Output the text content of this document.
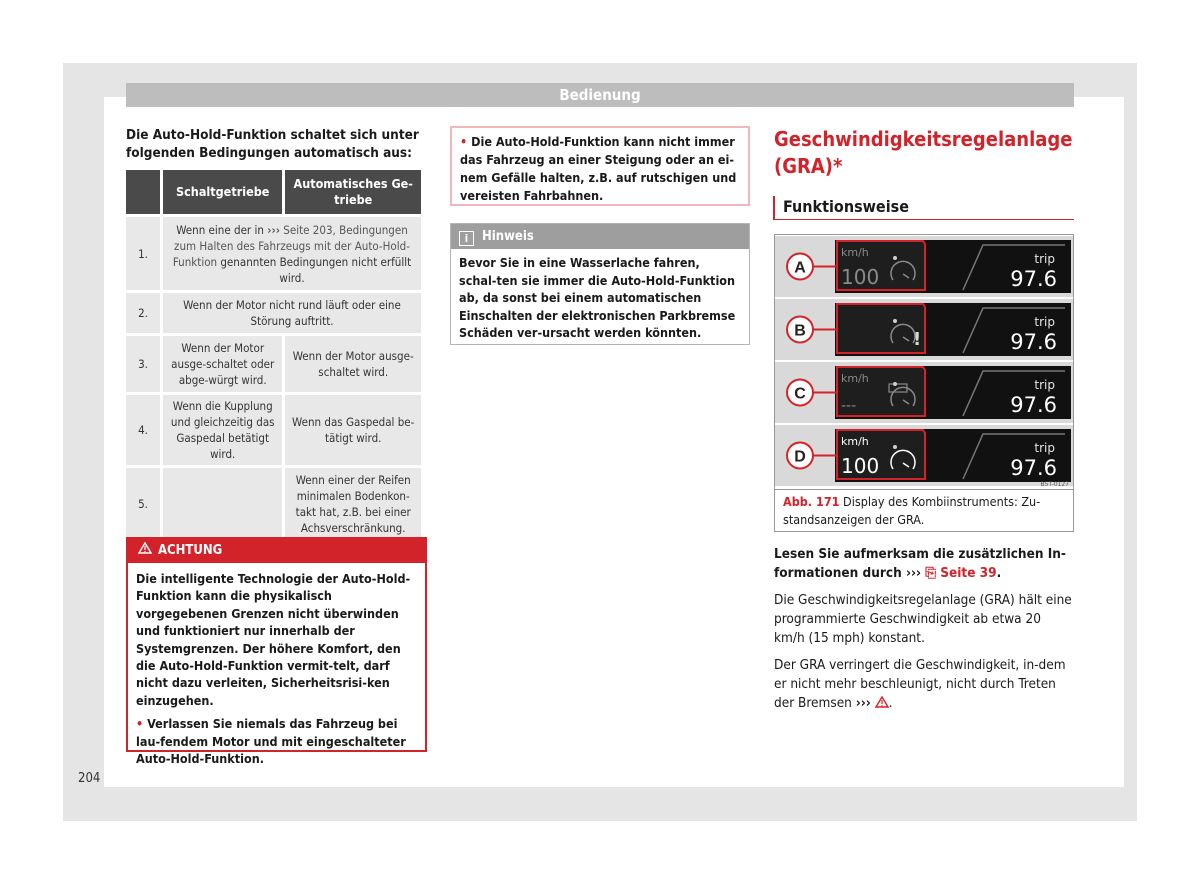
Bedienung
Die Auto-Hold-Funktion schaltet sich unter folgenden Bedingungen automatisch aus:
	Schaltgetriebe	Automatisches Ge-triebe
1.	Wenn eine der in ››› Seite 203, Bedingungen zum Halten des Fahrzeugs mit der Auto-Hold-Funktion genannten Bedingungen nicht erfüllt wird.	
2.	Wenn der Motor nicht rund läuft oder eine Störung auftritt.	
3.	Wenn der Motor ausge-schaltet oder abge-würgt wird.	Wenn der Motor ausge-schaltet wird.
4.	Wenn die Kupplung und gleichzeitig das Gaspedal betätigt wird.	Wenn das Gaspedal be-tätigt wird.
5.		Wenn einer der Reifen minimalen Bodenkon-takt hat, z.B. bei einer Achsverschränkung.
ACHTUNG

Die intelligente Technologie der Auto-Hold-Funktion kann die physikalisch vorgegebenen Grenzen nicht überwinden und funktioniert nur innerhalb der Systemgrenzen. Der höhere Komfort, den die Auto-Hold-Funktion vermit-telt, darf nicht dazu verleiten, Sicherheitsrisi-ken einzugehen.

• Verlassen Sie niemals das Fahrzeug bei lau-fendem Motor und mit eingeschalteter Auto-Hold-Funktion.

• Die Auto-Hold-Funktion kann nicht immer das Fahrzeug an einer Steigung oder an ei-nem Gefälle halten, z.B. auf rutschigen und vereisten Fahrbahnen.
i Hinweis
Bevor Sie in eine Wasserlache fahren, schal-ten sie immer die Auto-Hold-Funktion ab, da sonst bei einem automatischen Einschalten der elektronischen Parkbremse Schäden ver-ursacht werden könnten.
Geschwindigkeitsregelanlage (GRA)*
Funktionsweise
A
km/h
100
trip
97.6
B	!
trip
97.6
C
km/h
---
trip
97.6
D
km/h
100
trip
97.6
B5T-0127
Abb. 171 Display des Kombiinstruments: Zu-standsanzeigen der GRA.
Lesen Sie aufmerksam die zusätzlichen In-formationen durch ››› ⎘ Seite 39.
Die Geschwindigkeitsregelanlage (GRA) hält eine programmierte Geschwindigkeit ab etwa 20 km/h (15 mph) konstant.
Der GRA verringert die Geschwindigkeit, in-dem er nicht mehr beschleunigt, nicht durch Treten der Bremsen ››› .
204
